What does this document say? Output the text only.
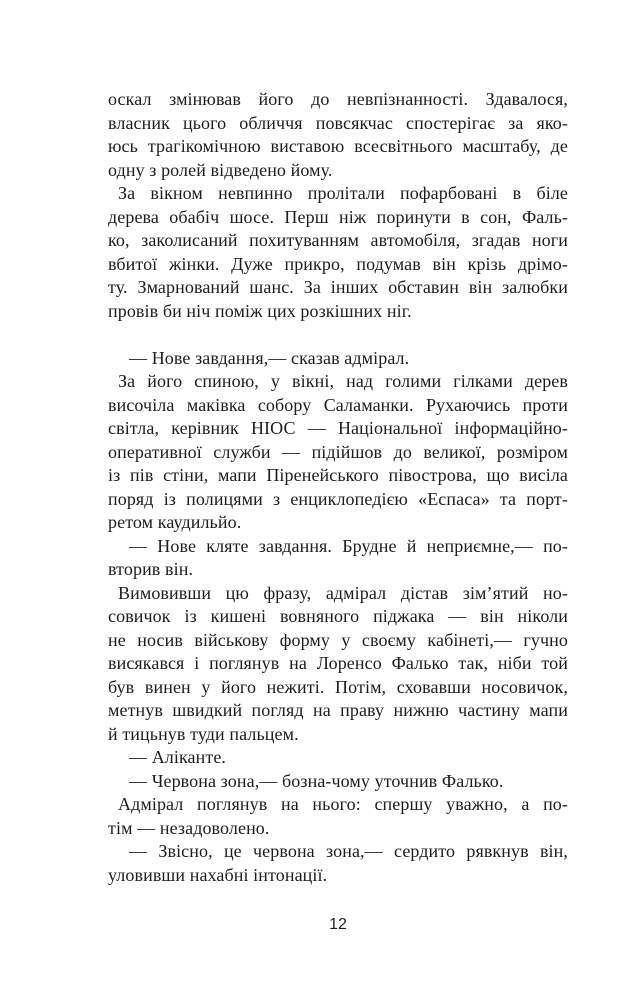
оскал змінював його до невпізнанності. Здавалося,
власник цього обличчя повсякчас спостерігає за яко-
юсь трагікомічною виставою всесвітнього масштабу, де
одну з ролей відведено йому.

За вікном невпинно пролітали пофарбовані в біле
дерева обабіч шосе. Перш ніж поринути в сон, Фаль-
ко, заколисаний похитуванням автомобіля, згадав ноги
вбитої жінки. Дуже прикро, подумав він крізь дрімо-
ту. Змарнований шанс. За інших обставин він залюбки
провів би ніч поміж цих розкішних ніг.

— Нове завдання,— сказав адмірал.

За його спиною, у вікні, над голими гілками дерев
височіла маківка собору Саламанки. Рухаючись проти
світла, керівник НІОС — Національної інформаційно-
оперативної служби — підійшов до великої, розміром
із пів стіни, мапи Піренейського півострова, що висіла
поряд із полицями з енциклопедією «Еспаса» та порт-
ретом каудильйо.

— Нове кляте завдання. Брудне й неприємне,— по-
вторив він.

Вимовивши цю фразу, адмірал дістав зім’ятий но-
совичок із кишені вовняного піджака — він ніколи
не носив військову форму у своєму кабінеті,— гучно
висякався і поглянув на Лоренсо Фалько так, ніби той
був винен у його нежиті. Потім, сховавши носовичок,
метнув швидкий погляд на праву нижню частину мапи
й тицьнув туди пальцем.

— Аліканте.

— Червона зона,— бозна-чому уточнив Фалько.

Адмірал поглянув на нього: спершу уважно, а по-
тім — незадоволено.

— Звісно, це червона зона,— сердито рявкнув він,
уловивши нахабні інтонації.

12
